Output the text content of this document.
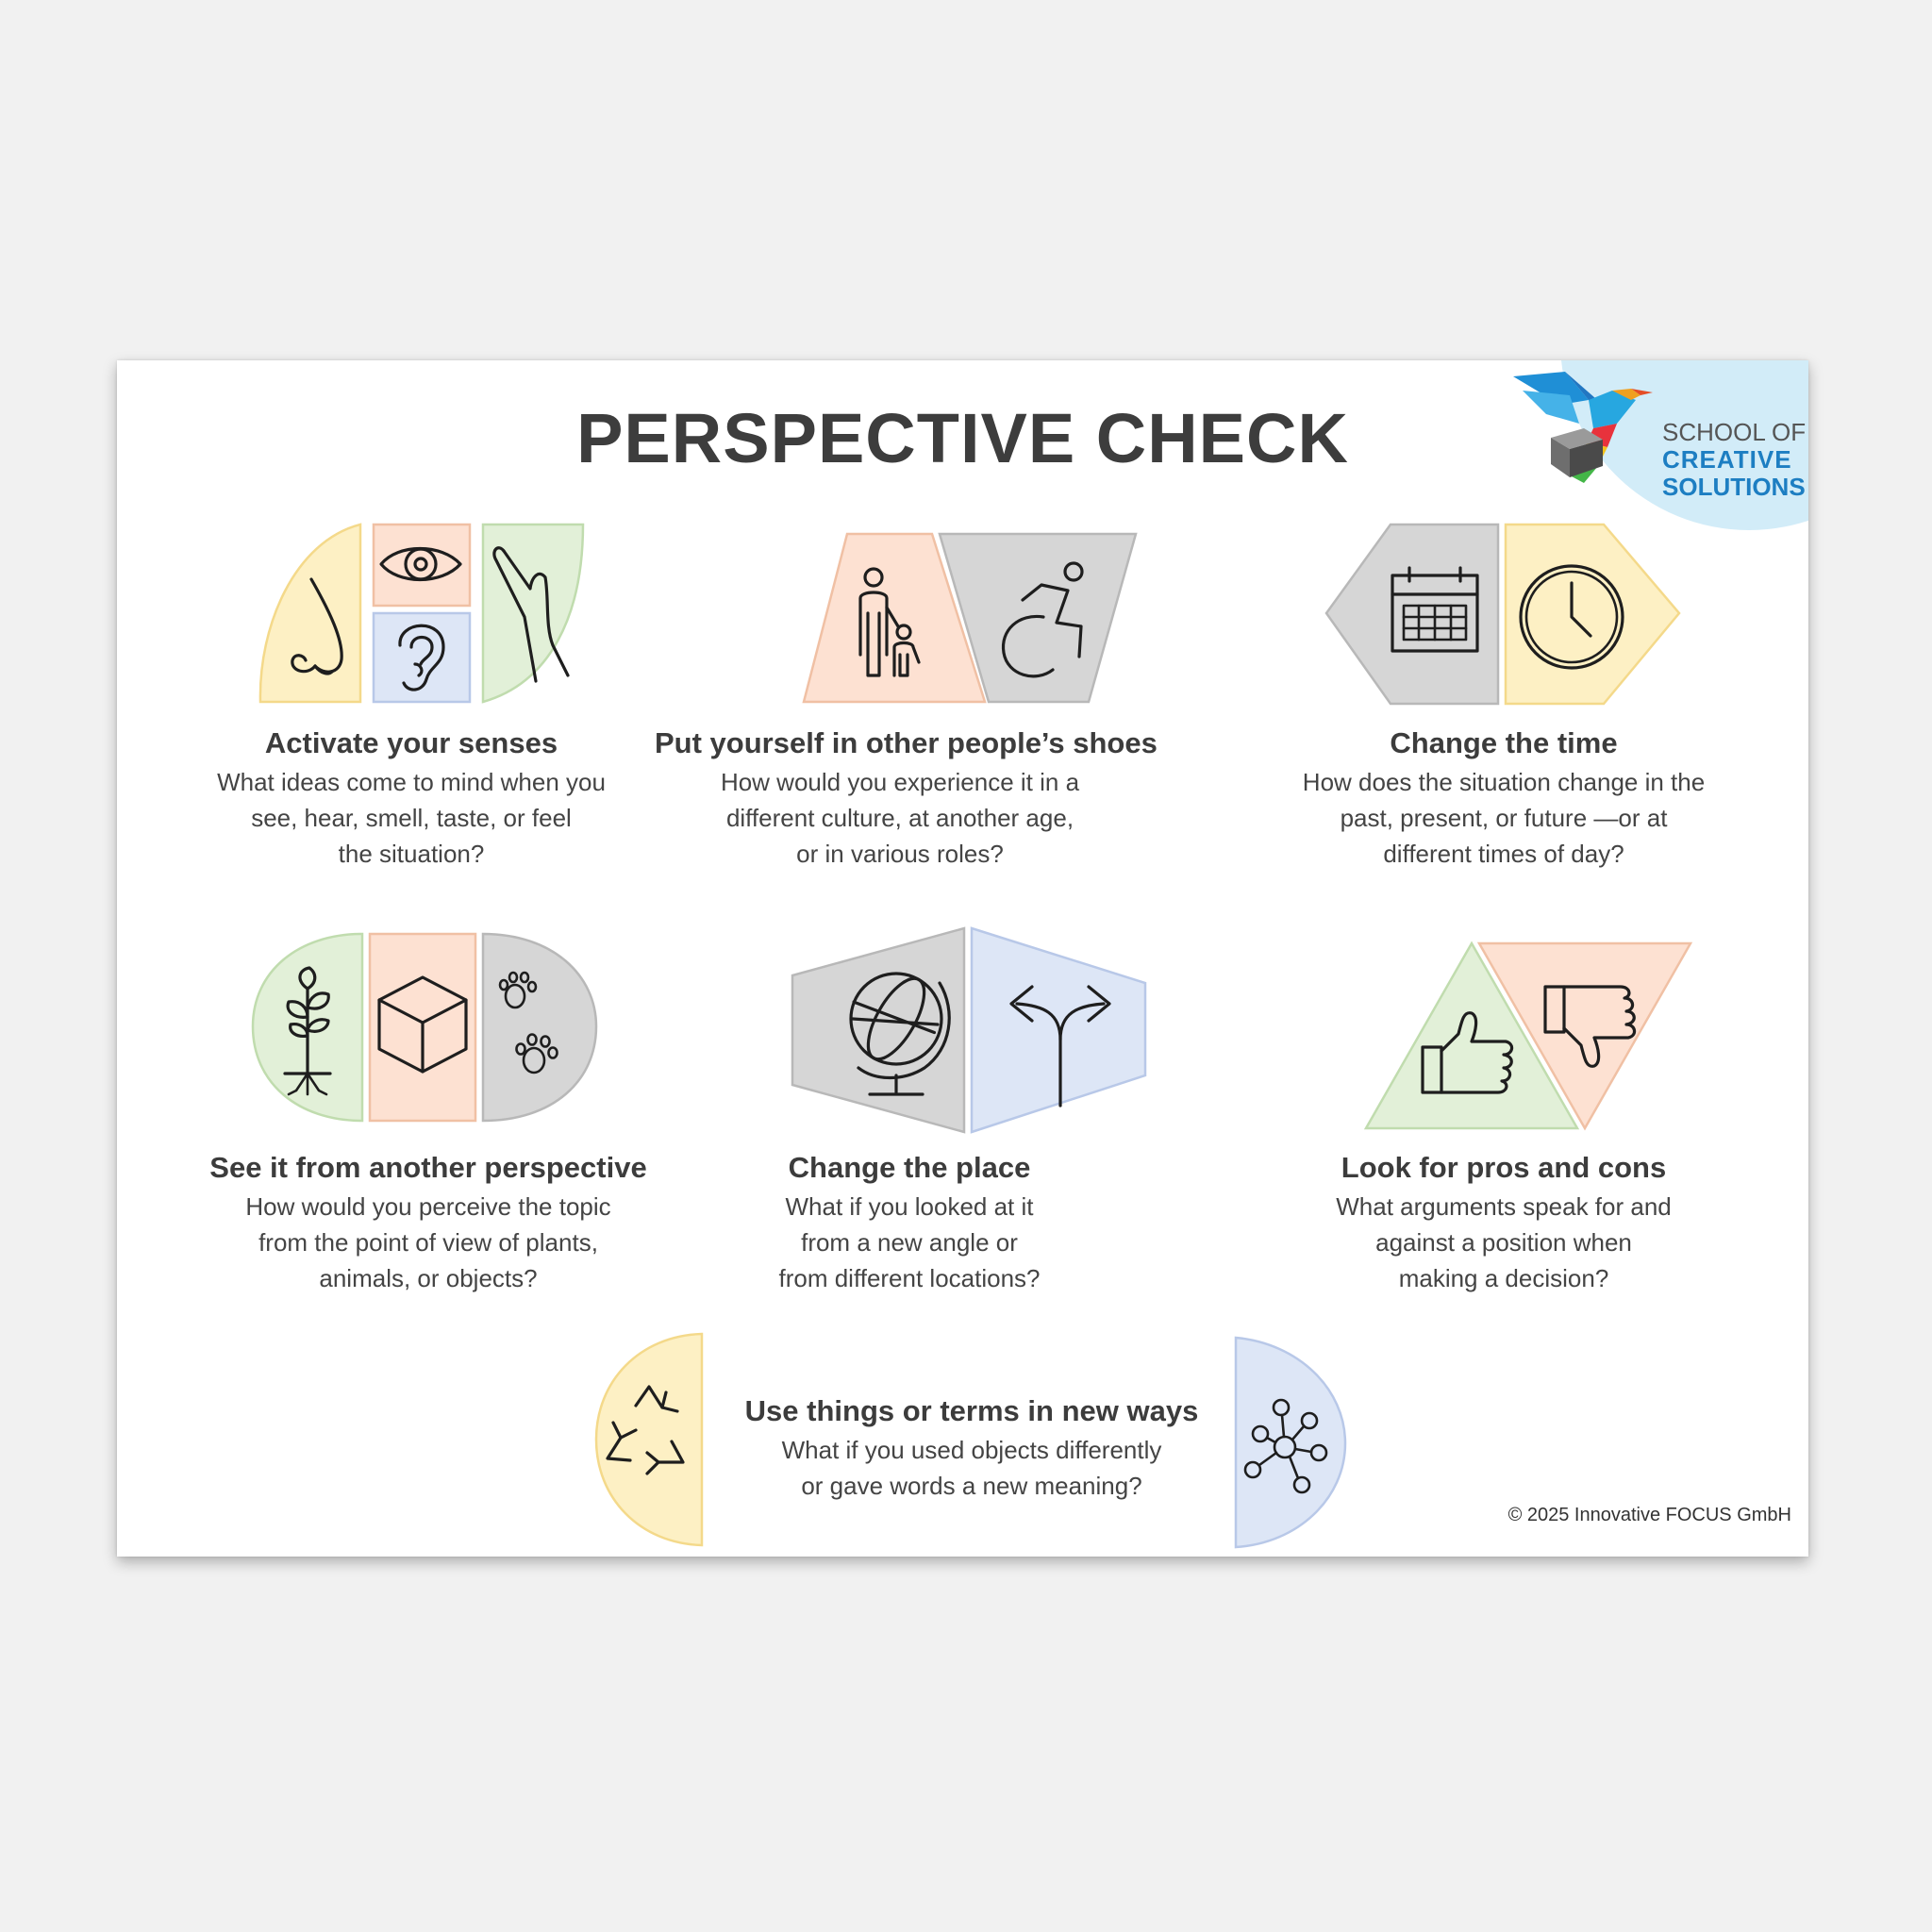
SCHOOL OF
CREATIVE
SOLUTIONS

PERSPECTIVE CHECK

Activate your senses

What ideas come to mind when you
see, hear, smell, taste, or feel
the situation?

Put yourself in other people’s shoes

How would you experience it in a
different culture, at another age,
or in various roles?

Change the time

How does the situation change in the
past, present, or future —or at
different times of day?

See it from another perspective

How would you perceive the topic
from the point of view of plants,
animals, or objects?

Change the place

What if you looked at it
from a new angle or
from different locations?

Look for pros and cons

What arguments speak for and
against a position when
making a decision?

Use things or terms in new ways

What if you used objects differently
or gave words a new meaning?

© 2025 Innovative FOCUS GmbH
